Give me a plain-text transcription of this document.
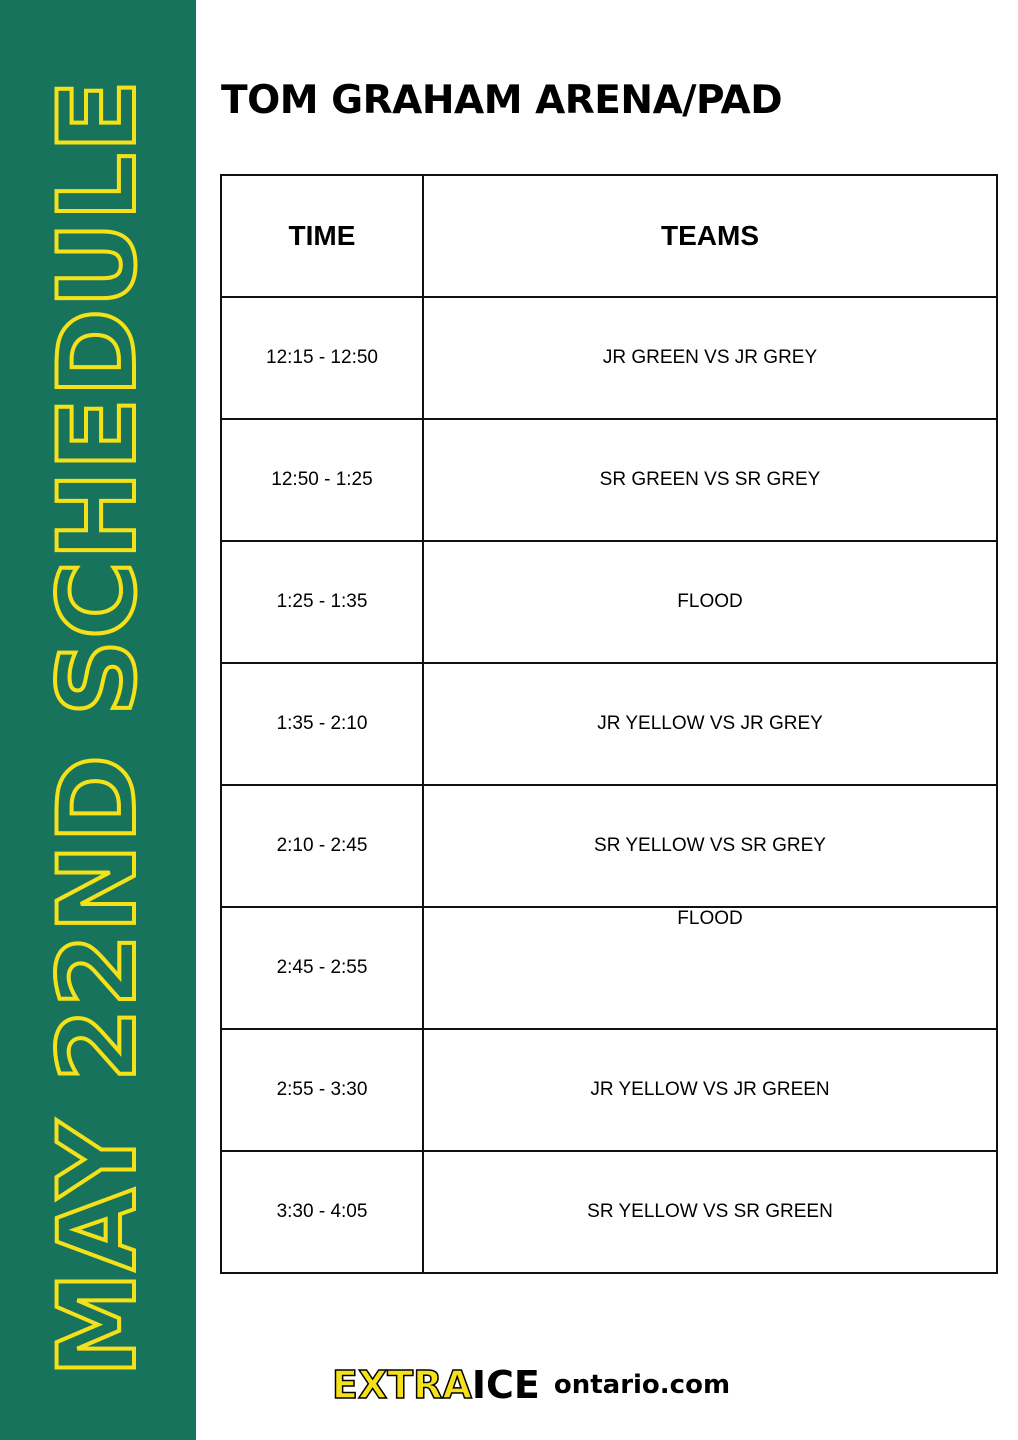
MAY 22ND SCHEDULE TOM GRAHAM ARENA/PAD
TIME	TEAMS
12:15 - 12:50	JR GREEN VS JR GREY
12:50 - 1:25	SR GREEN VS SR GREY
1:25 - 1:35	FLOOD
1:35 - 2:10	JR YELLOW VS JR GREY
2:10 - 2:45	SR YELLOW VS SR GREY
2:45 - 2:55	FLOOD
2:55 - 3:30	JR YELLOW VS JR GREEN
3:30 - 4:05	SR YELLOW VS SR GREEN
EXTRA ICE ontario.com
